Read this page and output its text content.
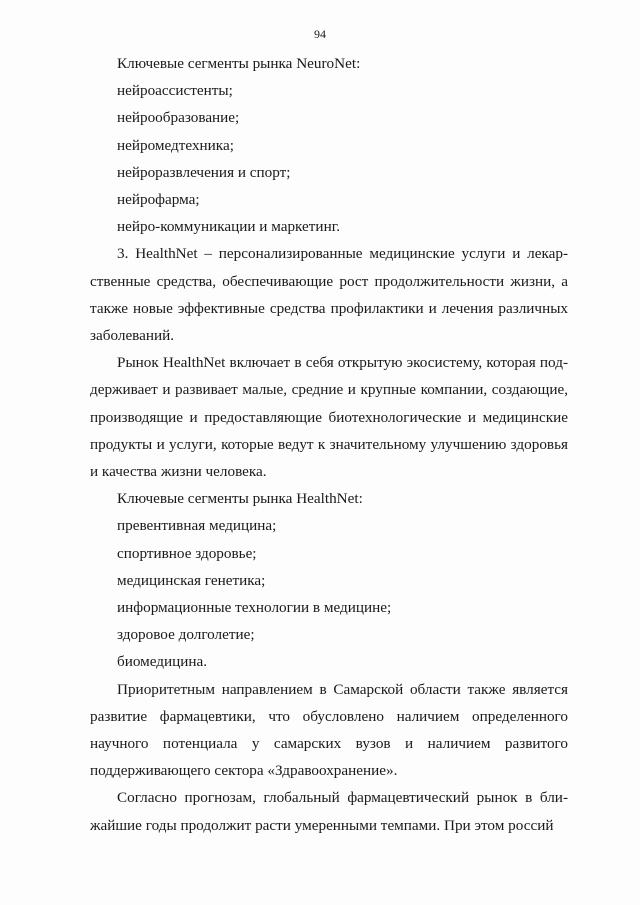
94

Ключевые сегменты рынка NeuroNet:

нейроассистенты;

нейрообразование;

нейромедтехника;

нейроразвлечения и спорт;

нейрофарма;

нейро-коммуникации и маркетинг.

3. HealthNet – персонализированные медицинские услуги и лекарственные средства, обеспечивающие рост продолжительности жизни, а также новые эффективные средства профилактики и лечения различных заболеваний.

Рынок HealthNet включает в себя открытую экосистему, которая поддерживает и развивает малые, средние и крупные компании, создающие, производящие и предоставляющие биотехнологические и медицинские продукты и услуги, которые ведут к значительному улучшению здоровья и качества жизни человека.

Ключевые сегменты рынка HealthNet:

превентивная медицина;

спортивное здоровье;

медицинская генетика;

информационные технологии в медицине;

здоровое долголетие;

биомедицина.

Приоритетным направлением в Самарской области также является развитие фармацевтики, что обусловлено наличием определенного научного потенциала у самарских вузов и наличием развитого поддерживающего сектора «Здравоохранение».

Согласно прогнозам, глобальный фармацевтический рынок в ближайшие годы продолжит расти умеренными темпами. При этом россий
